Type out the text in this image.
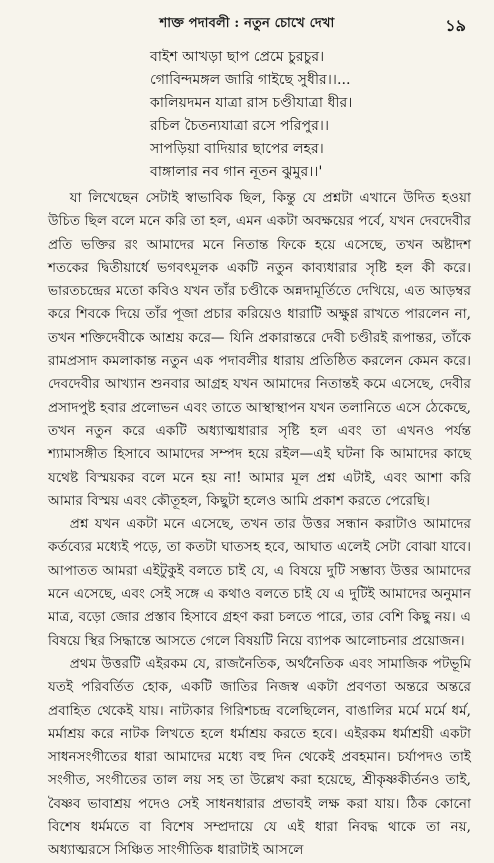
শাক্ত পদাবলী : নতুন চোখে দেখা	১৯
বাইশ আখড়া ছাপ প্রেমে চুরচুর।
গোবিন্দমঙ্গল জারি গাইছে সুধীর।।...
কালিয়দমন যাত্রা রাস চণ্ডীযাত্রা ধীর।
রচিল চৈতন্যযাত্রা রসে পরিপুর।।
সাপড়িয়া বাদিয়ার ছাপের লহর।
বাঙ্গালার নব গান নূতন ঝুমুর।।'

যা লিখেছেন সেটাই স্বাভাবিক ছিল, কিন্তু যে প্রশ্নটা এখানে উদিত হওয়া উচিত ছিল বলে মনে করি তা হল, এমন একটা অবক্ষয়ের পর্বে, যখন দেবদেবীর প্রতি ভক্তির রং আমাদের মনে নিতান্ত ফিকে হয়ে এসেছে, তখন অষ্টাদশ শতকের দ্বিতীয়ার্ধে ভগবৎমূলক একটি নতুন কাব্যধারার সৃষ্টি হল কী করে। ভারতচন্দ্রের মতো কবিও যখন তাঁর চণ্ডীকে অন্নদামূর্তিতে দেখিয়ে, এত আড়ম্বর করে শিবকে দিয়ে তাঁর পূজা প্রচার করিয়েও ধারাটি অক্ষুণ্ণ রাখতে পারলেন না, তখন শক্তিদেবীকে আশ্রয় করে— যিনি প্রকারান্তরে দেবী চণ্ডীরই রূপান্তর, তাঁকে রামপ্রসাদ কমলাকান্ত নতুন এক পদাবলীর ধারায় প্রতিষ্ঠিত করলেন কেমন করে। দেবদেবীর আখ্যান শুনবার আগ্রহ যখন আমাদের নিতান্তই কমে এসেছে, দেবীর প্রসাদপুষ্ট হবার প্রলোভন এবং তাতে আস্থাস্থাপন যখন তলানিতে এসে ঠেকেছে, তখন নতুন করে একটি অধ্যাত্মধারার সৃষ্টি হল এবং তা এখনও পর্যন্ত শ্যামাসঙ্গীত হিসাবে আমাদের সম্পদ হয়ে রইল—এই ঘটনা কি আমাদের কাছে যথেষ্ট বিস্ময়কর বলে মনে হয় না! আমার মূল প্রশ্ন এটাই, এবং আশা করি আমার বিস্ময় এবং কৌতূহল, কিছুটা হলেও আমি প্রকাশ করতে পেরেছি।

প্রশ্ন যখন একটা মনে এসেছে, তখন তার উত্তর সন্ধান করাটাও আমাদের কর্তব্যের মধ্যেই পড়ে, তা কতটা ঘাতসহ হবে, আঘাত এলেই সেটা বোঝা যাবে। আপাতত আমরা এইটুকুই বলতে চাই যে, এ বিষয়ে দুটি সম্ভাব্য উত্তর আমাদের মনে এসেছে, এবং সেই সঙ্গে এ কথাও বলতে চাই যে এ দুটিই আমাদের অনুমান মাত্র, বড়ো জোর প্রস্তাব হিসাবে গ্রহণ করা চলতে পারে, তার বেশি কিছু নয়। এ বিষয়ে স্থির সিদ্ধান্তে আসতে গেলে বিষয়টি নিয়ে ব্যাপক আলোচনার প্রয়োজন।

প্রথম উত্তরটি এইরকম যে, রাজনৈতিক, অর্থনৈতিক এবং সামাজিক পটভূমি যতই পরিবর্তিত হোক, একটি জাতির নিজস্ব একটা প্রবণতা অন্তরে অন্তরে প্রবাহিত থেকেই যায়। নাট্যকার গিরিশচন্দ্র বলেছিলেন, বাঙালির মর্মে মর্মে ধর্ম, মর্মাশ্রয় করে নাটক লিখতে হলে ধর্মাশ্রয় করতে হবে। এইরকম ধর্মাশ্রয়ী একটা সাধনসংগীতের ধারা আমাদের মধ্যে বহু দিন থেকেই প্রবহমান। চর্যাপদও তাই সংগীত, সংগীতের তাল লয় সহ তা উল্লেখ করা হয়েছে, শ্রীকৃষ্ণকীর্তনও তাই, বৈষ্ণব ভাবাশ্রয় পদেও সেই সাধনধারার প্রভাবই লক্ষ করা যায়। ঠিক কোনো বিশেষ ধর্মমতে বা বিশেষ সম্প্রদায়ে যে এই ধারা নিবদ্ধ থাকে তা নয়, অধ্যাত্মরসে সিঞ্চিত সাংগীতিক ধারাটাই আসলে
